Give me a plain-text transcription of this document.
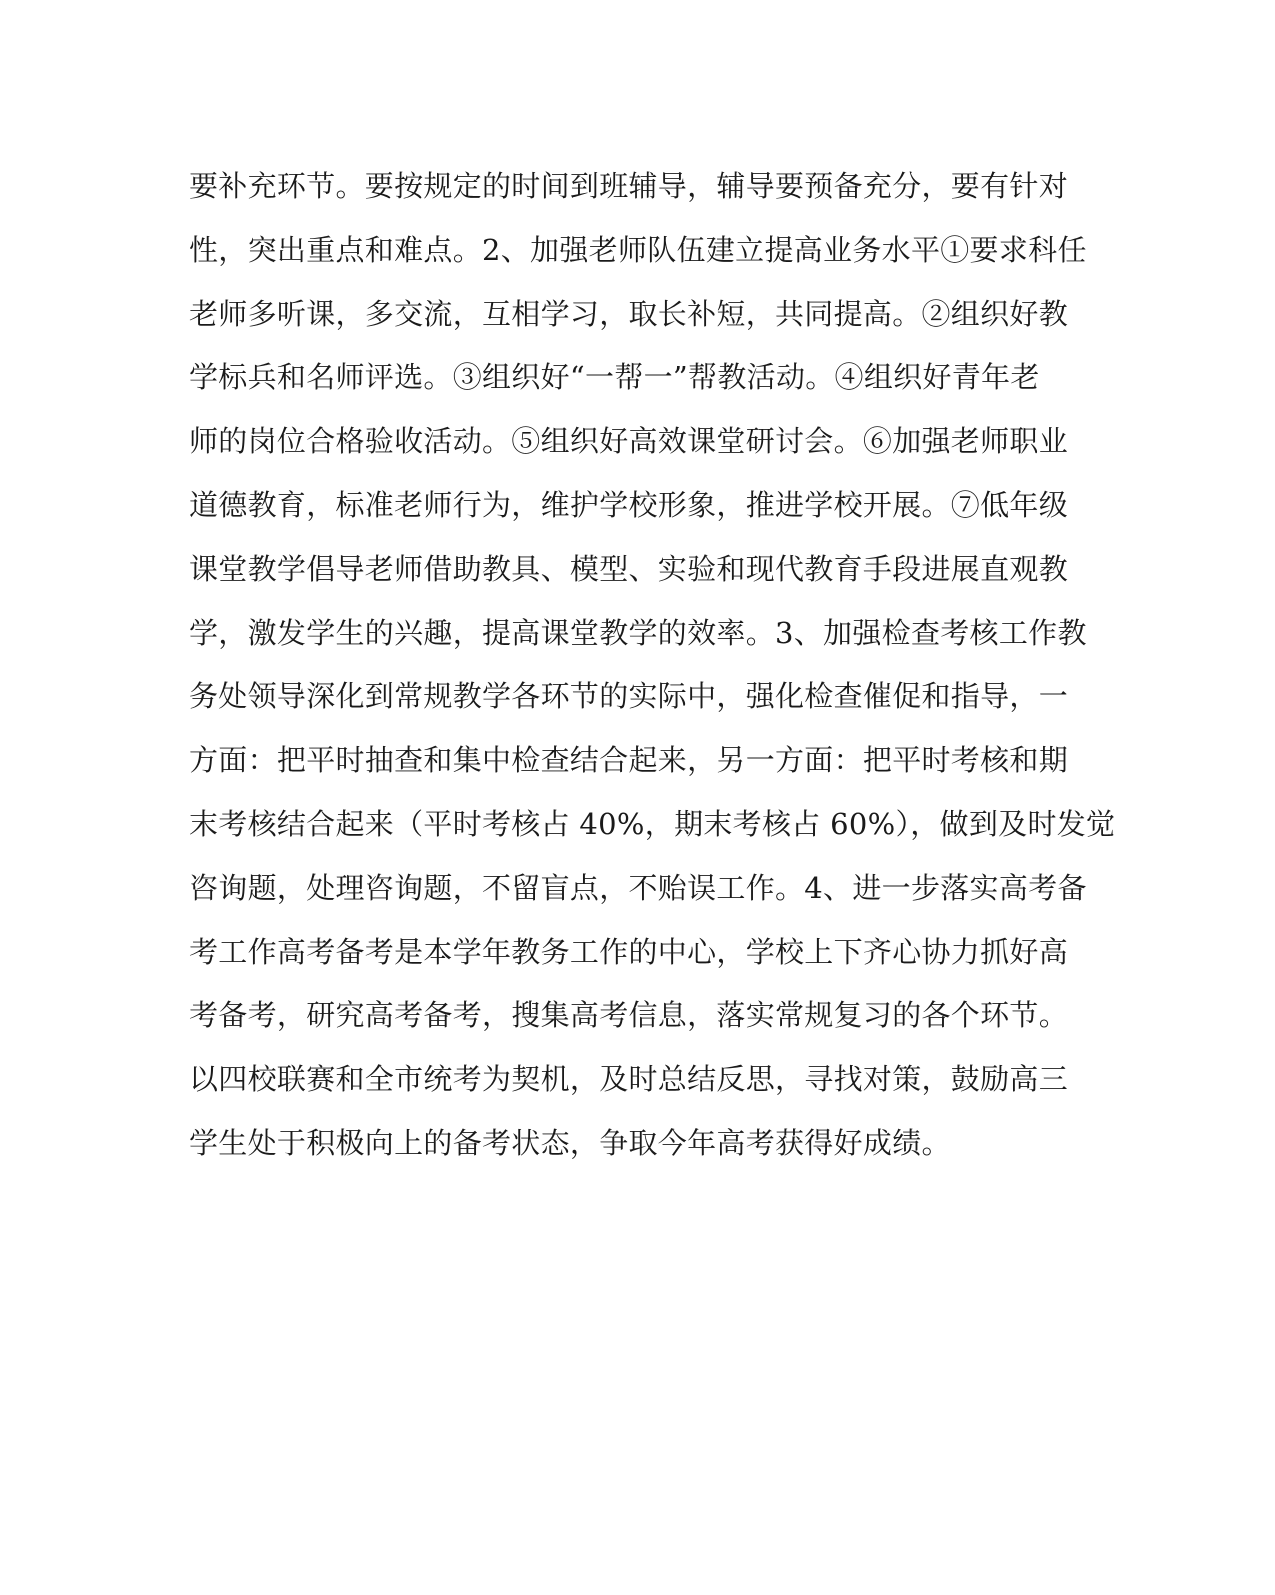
要补充环节。要按规定的时间到班辅导，辅导要预备充分，要有针对
性，突出重点和难点。2、加强老师队伍建立提高业务水平①要求科任
老师多听课，多交流，互相学习，取长补短，共同提高。②组织好教
学标兵和名师评选。③组织好“一帮一”帮教活动。④组织好青年老
师的岗位合格验收活动。⑤组织好高效课堂研讨会。⑥加强老师职业
道德教育，标准老师行为，维护学校形象，推进学校开展。⑦低年级
课堂教学倡导老师借助教具、模型、实验和现代教育手段进展直观教
学，激发学生的兴趣，提高课堂教学的效率。3、加强检查考核工作教
务处领导深化到常规教学各环节的实际中，强化检查催促和指导，一
方面：把平时抽查和集中检查结合起来，另一方面：把平时考核和期
末考核结合起来（平时考核占 40%，期末考核占 60%），做到及时发觉
咨询题，处理咨询题，不留盲点，不贻误工作。4、进一步落实高考备
考工作高考备考是本学年教务工作的中心，学校上下齐心协力抓好高
考备考，研究高考备考，搜集高考信息，落实常规复习的各个环节。
以四校联赛和全市统考为契机，及时总结反思，寻找对策，鼓励高三
学生处于积极向上的备考状态，争取今年高考获得好成绩。
